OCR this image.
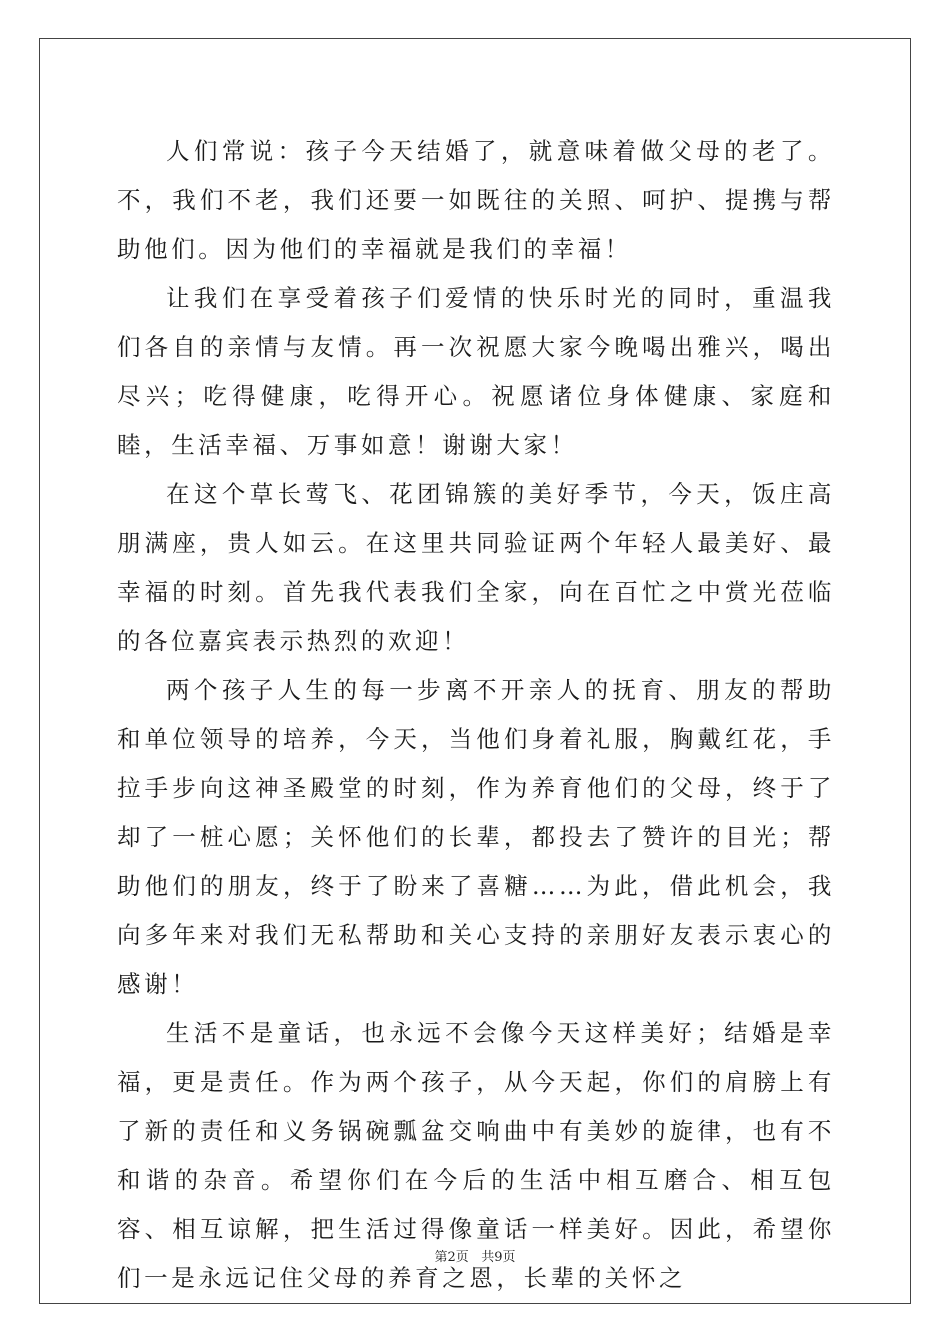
人们常说：孩子今天结婚了，就意味着做父母的老了。不，我们不老，我们还要一如既往的关照、呵护、提携与帮助他们。因为他们的幸福就是我们的幸福！

让我们在享受着孩子们爱情的快乐时光的同时，重温我们各自的亲情与友情。再一次祝愿大家今晚喝出雅兴，喝出尽兴；吃得健康，吃得开心。祝愿诸位身体健康、家庭和睦，生活幸福、万事如意！谢谢大家！

在这个草长莺飞、花团锦簇的美好季节，今天，饭庄高朋满座，贵人如云。在这里共同验证两个年轻人最美好、最幸福的时刻。首先我代表我们全家，向在百忙之中赏光莅临的各位嘉宾表示热烈的欢迎！

两个孩子人生的每一步离不开亲人的抚育、朋友的帮助和单位领导的培养，今天，当他们身着礼服，胸戴红花，手拉手步向这神圣殿堂的时刻，作为养育他们的父母，终于了却了一桩心愿；关怀他们的长辈，都投去了赞许的目光；帮助他们的朋友，终于了盼来了喜糖……为此，借此机会，我向多年来对我们无私帮助和关心支持的亲朋好友表示衷心的感谢！

生活不是童话，也永远不会像今天这样美好；结婚是幸福，更是责任。作为两个孩子，从今天起，你们的肩膀上有了新的责任和义务锅碗瓢盆交响曲中有美妙的旋律，也有不和谐的杂音。希望你们在今后的生活中相互磨合、相互包容、相互谅解，把生活过得像童话一样美好。因此，希望你们一是永远记住父母的养育之恩，长辈的关怀之

第2页 共9页
